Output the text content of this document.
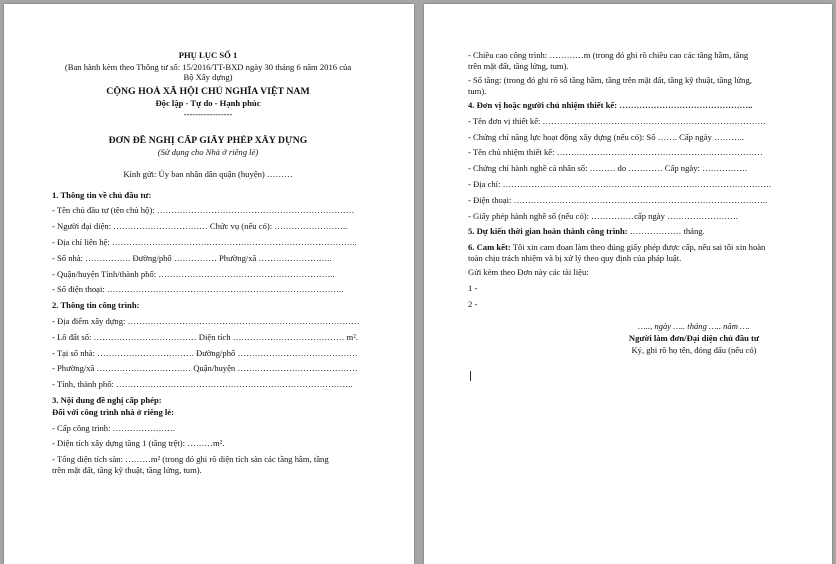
PHỤ LỤC SỐ 1
(Ban hành kèm theo Thông tư số: 15/2016/TT-BXD ngày 30 tháng 6 năm 2016 của
Bộ Xây dựng)
CỘNG HOÀ XÃ HỘI CHỦ NGHĨA VIỆT NAM
Độc lập - Tự do - Hạnh phúc
-----------------
ĐƠN ĐỀ NGHỊ CẤP GIẤY PHÉP XÂY DỰNG
(Sử dụng cho Nhà ở riêng lẻ)
Kính gửi: Ủy ban nhân dân quận (huyện) ………
1. Thông tin về chủ đầu tư:
- Tên chủ đầu tư (tên chủ hộ): ……………………………………………………………
- Người đại diện: …………………………… Chức vụ (nếu có): ……………………..
- Địa chỉ liên hệ: …………………………………………………………………………..
- Số nhà: ……………. Đường/phố …………… Phường/xã ……………………..
- Quận/huyện Tỉnh/thành phố: ……………………………………………………..
- Số điện thoại: ………………………………………………………………………..
2. Thông tin công trình:
- Địa điểm xây dựng: ………………………………………………………………………
- Lô đất số: ……………………………… Diện tích ………………………………… m².
- Tại số nhà: ……………………………. Đường/phố ……………………………………
- Phường/xã …………………………… Quận/huyện ……………………………………
- Tỉnh, thành phố: ………………………………………………………………………..
3. Nội dung đề nghị cấp phép:
Đối với công trình nhà ở riêng lẻ:
- Cấp công trình: ………………….
- Diện tích xây dựng tầng 1 (tầng trệt): ………m².
- Tổng diện tích sàn: ………m² (trong đó ghi rõ diện tích sàn các tầng hầm, tầng
trên mặt đất, tầng kỹ thuật, tầng lửng, tum).
- Chiều cao công trình: …………m (trong đó ghi rõ chiều cao các tầng hầm, tầng
trên mặt đất, tầng lửng, tum).
- Số tầng: (trong đó ghi rõ số tầng hầm, tầng trên mặt đất, tầng kỹ thuật, tầng lửng,
tum).
4. Đơn vị hoặc người chủ nhiệm thiết kế: ………………………………………..
- Tên đơn vị thiết kế: ……………………………………………………………………
- Chứng chỉ năng lực hoạt động xây dựng (nếu có): Số ……. Cấp ngày ………..
- Tên chủ nhiệm thiết kế: ………………………………………………………………
- Chứng chỉ hành nghề cá nhân số: ……… do ………… Cấp ngày: …………….
- Địa chỉ: ………………………………………………………………………………….
- Điện thoại: ……………………………………………………………………………..
- Giấy phép hành nghề số (nếu có): ……………cấp ngày …………………….
5. Dự kiến thời gian hoàn thành công trình: ……………… tháng.
6. Cam kết: Tôi xin cam đoan làm theo đúng giấy phép được cấp, nếu sai tôi xin hoàn toàn chịu trách nhiệm và bị xử lý theo quy định của pháp luật.
Gửi kèm theo Đơn này các tài liệu:
1 -
2 -
….., ngày ….. tháng ….. năm ….
Người làm đơn/Đại diện chủ đầu tư
Ký, ghi rõ họ tên, đóng dấu (nếu có)
